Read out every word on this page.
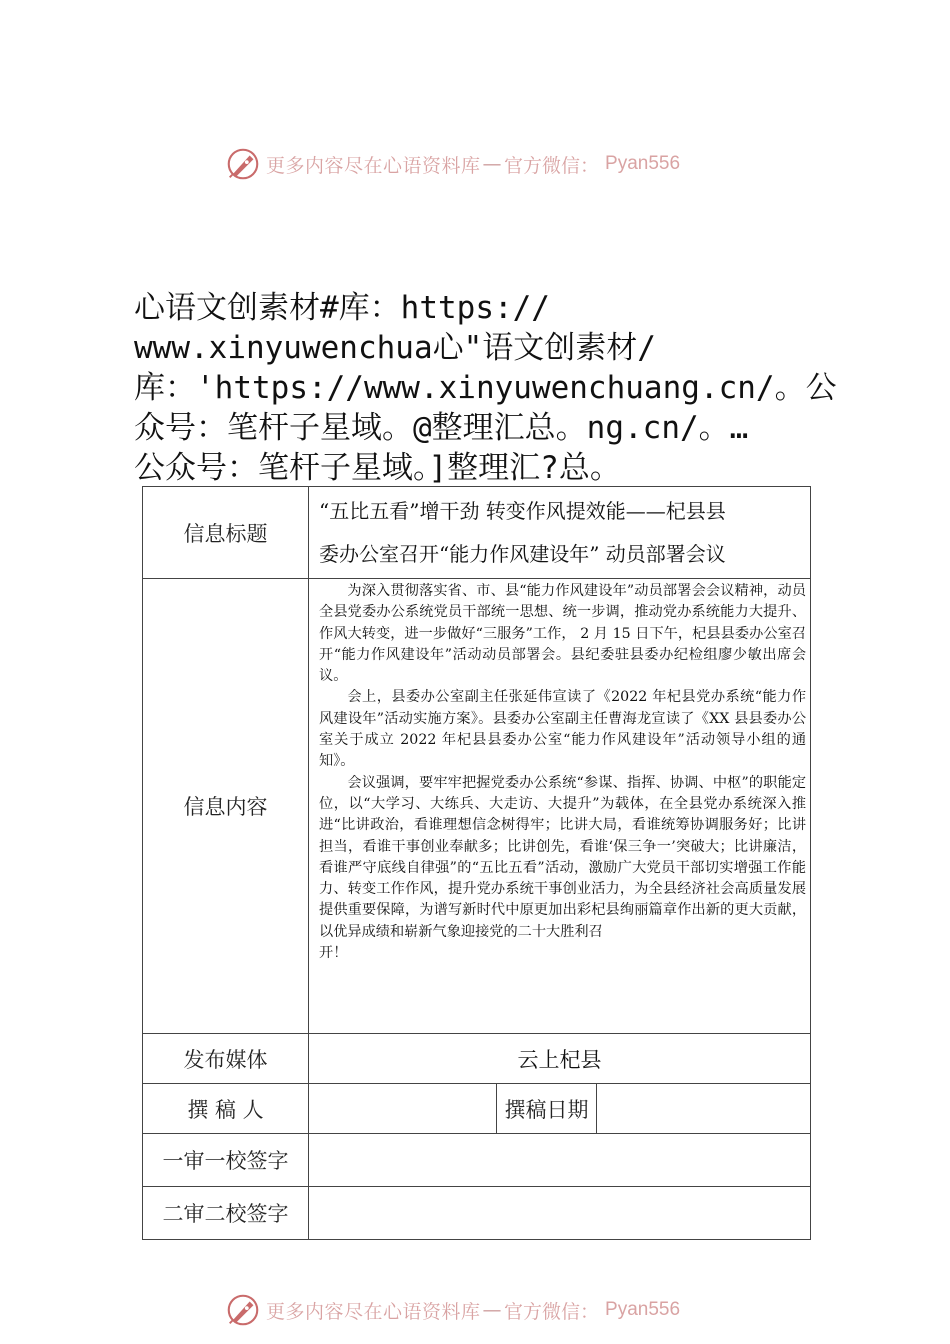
更多内容尽在心语资料库 — 官方微信： Pyan556
心语文创素材#库：https://
www.xinyuwenchua心"语文创素材/
库：'https://www.xinyuwenchuang.cn/。公
众号：笔杆子星域。@整理汇总。ng.cn/。…
公众号：笔杆子星域。]整理汇?总。
信息标题	“五比五看”增干劲 转变作风提效能——杞县县
委办公室召开“能力作风建设年” 动员部署会议		

信息内容	为深入贯彻落实省、市、县“能力作风建设年”动员部署会会议精神，动员全县党委办公系统党员干部统一思想、统一步调，推动党办系统能力大提升、作风大转变，进一步做好“三服务”工作， 2 月 15 日下午，杞县县委办公室召开“能力作风建设年”活动动员部署会。县纪委驻县委办纪检组廖少敏出席会议。

会上，县委办公室副主任张延伟宣读了《2022 年杞县党办系统“能力作风建设年”活动实施方案》。县委办公室副主任曹海龙宣读了《XX 县县委办公室关于成立 2022 年杞县县委办公室“能力作风建设年”活动领导小组的通知》。

会议强调，要牢牢把握党委办公系统“参谋、指挥、协调、中枢”的职能定位，以“大学习、大练兵、大走访、大提升”为载体，在全县党办系统深入推进“比讲政治，看谁理想信念树得牢；比讲大局，看谁统筹协调服务好；比讲担当，看谁干事创业奉献多；比讲创先，看谁‘保三争一’突破大；比讲廉洁，看谁严守底线自律强”的“五比五看”活动，激励广大党员干部切实增强工作能力、转变工作作风，提升党办系统干事创业活力，为全县经济社会高质量发展提供重要保障，为谱写新时代中原更加出彩杞县绚丽篇章作出新的更大贡献，以优异成绩和崭新气象迎接党的二十大胜利召

开！		

发布媒体	云上杞县		
撰 稿 人		撰稿日期	
一审一校签字			
二审二校签字			
更多内容尽在心语资料库 — 官方微信： Pyan556
